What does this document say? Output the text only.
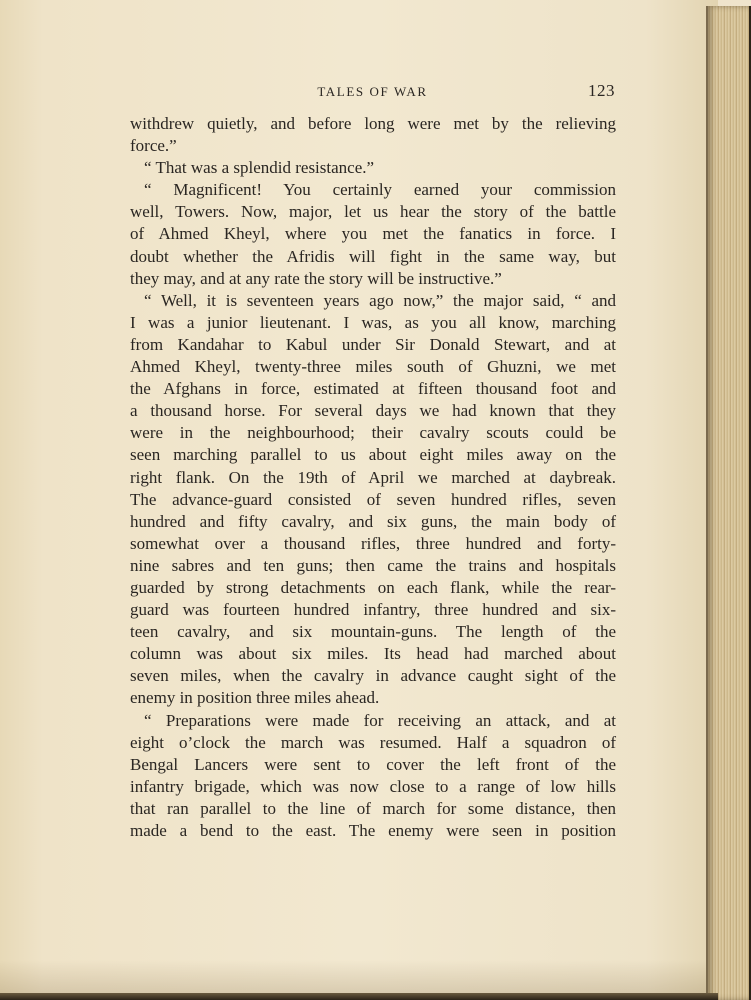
TALES OF WAR	123
withdrew quietly, and before long were met by the relieving
force.”
“ That was a splendid resistance.”
“ Magnificent! You certainly earned your commission
well, Towers. Now, major, let us hear the story of the battle
of Ahmed Kheyl, where you met the fanatics in force. I
doubt whether the Afridis will fight in the same way, but
they may, and at any rate the story will be instructive.”
“ Well, it is seventeen years ago now,” the major said, “ and
I was a junior lieutenant. I was, as you all know, marching
from Kandahar to Kabul under Sir Donald Stewart, and at
Ahmed Kheyl, twenty-three miles south of Ghuzni, we met
the Afghans in force, estimated at fifteen thousand foot and
a thousand horse. For several days we had known that they
were in the neighbourhood; their cavalry scouts could be
seen marching parallel to us about eight miles away on the
right flank. On the 19th of April we marched at daybreak.
The advance-guard consisted of seven hundred rifles, seven
hundred and fifty cavalry, and six guns, the main body of
somewhat over a thousand rifles, three hundred and forty-
nine sabres and ten guns; then came the trains and hospitals
guarded by strong detachments on each flank, while the rear-
guard was fourteen hundred infantry, three hundred and six-
teen cavalry, and six mountain-guns. The length of the
column was about six miles. Its head had marched about
seven miles, when the cavalry in advance caught sight of the
enemy in position three miles ahead.
“ Preparations were made for receiving an attack, and at
eight o’clock the march was resumed. Half a squadron of
Bengal Lancers were sent to cover the left front of the
infantry brigade, which was now close to a range of low hills
that ran parallel to the line of march for some distance, then
made a bend to the east. The enemy were seen in position
